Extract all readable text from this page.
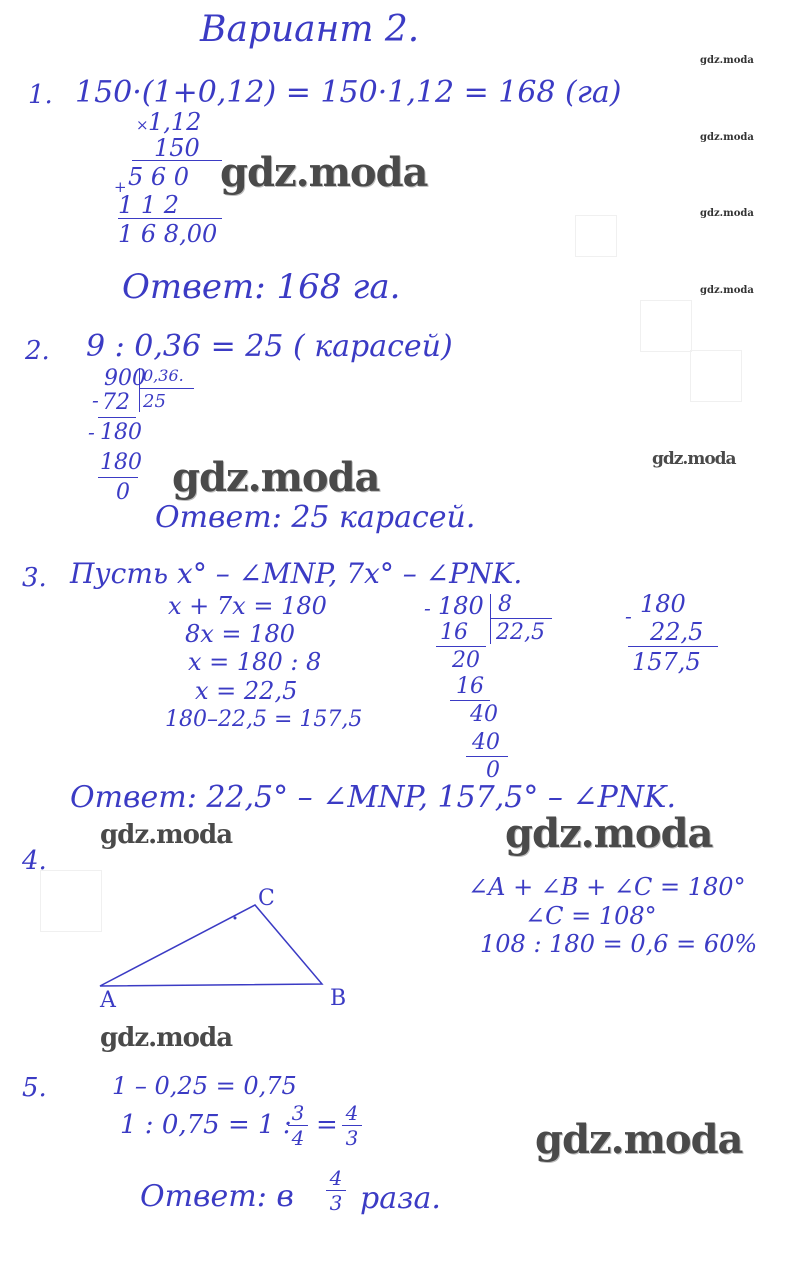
Вариант 2.
gdz.moda
gdz.moda
gdz.moda
gdz.moda
1. 150·(1+0,12) = 150·1,12 = 168 (га)
× 1,12
150
5 6 0
+
1 1 2
1 6 8,00
gdz.moda
Ответ: 168 га.
2. 9 : 0,36 = 25 ( карасей)
900
0,36.
25
- 72
- 180
180
0 gdz.moda	gdz.moda
Ответ: 25 карасей.
3. Пусть x° – ∠MNP, 7x° – ∠PNK.
x + 7x = 180
8x = 180
x = 180 : 8
x = 22,5
180–22,5 = 157,5
- 180 8
22,5
16
20
16
40
40
0
- 180
22,5
157,5
Ответ: 22,5° – ∠MNP, 157,5° – ∠PNK.
gdz.moda	gdz.moda
4.
A	B
C	∠A + ∠B + ∠C = 180°
∠C = 108°
108 : 180 = 0,6 = 60%
gdz.moda
5.	1 – 0,25 = 0,75
1 : 0,75 = 1 : 3
4 = 4
3	gdz.moda
Ответ: в
4
3 раза.
